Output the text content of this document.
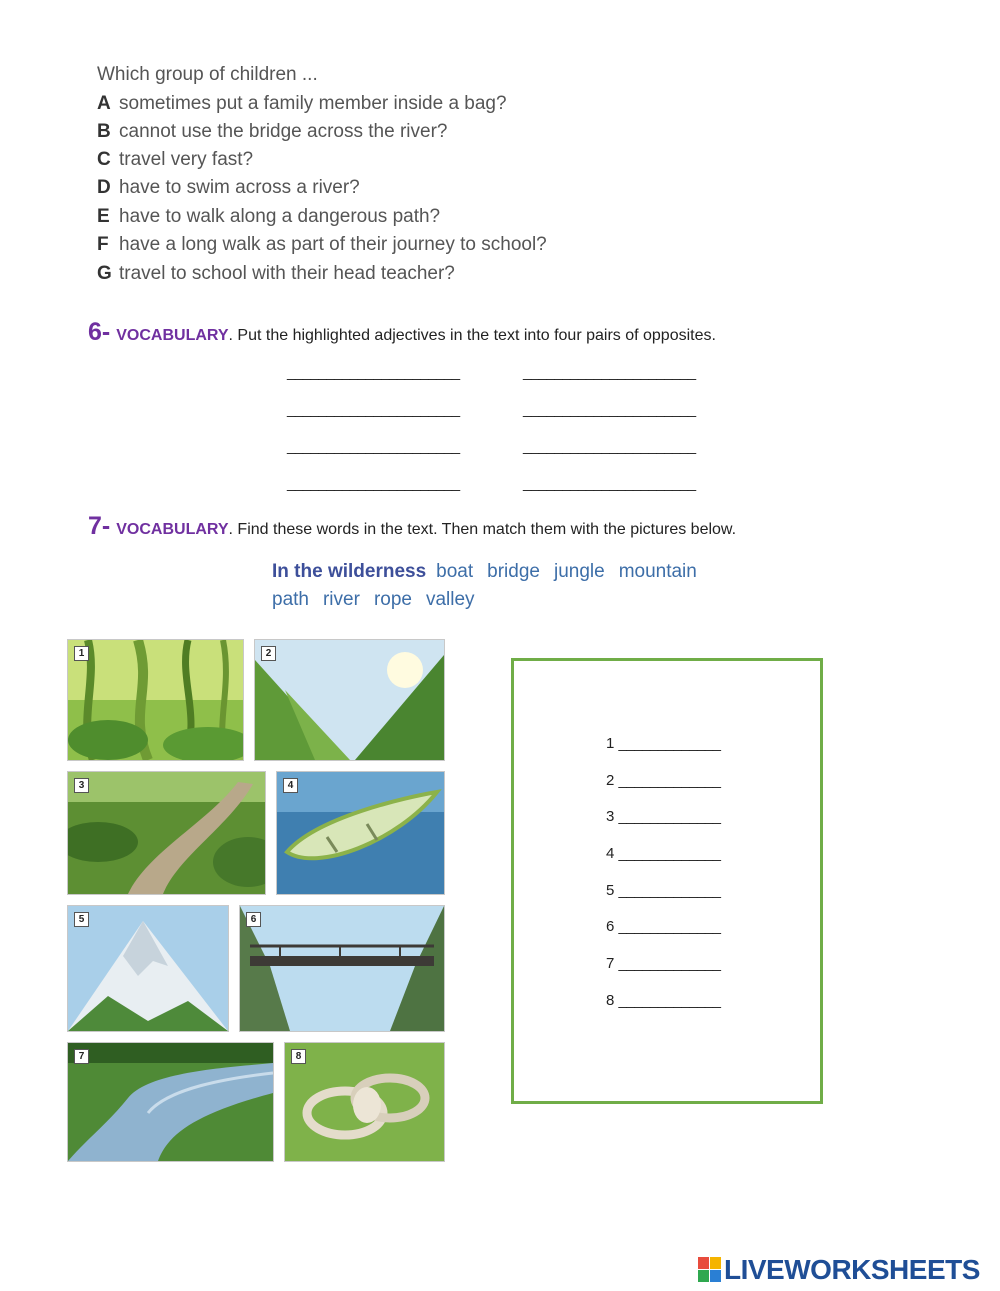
Which group of children ...
A sometimes put a family member inside a bag?
B cannot use the bridge across the river?
C travel very fast?
D have to swim across a river?
E have to walk along a dangerous path?
F have a long walk as part of their journey to school?
G travel to school with their head teacher?
6- VOCABULARY. Put the highlighted adjectives in the text into four pairs of opposites.
______________________	______________________
______________________	______________________
______________________	______________________
______________________	______________________
7- VOCABULARY. Find these words in the text. Then match them with the pictures below.
In the wilderness boat bridge jungle mountain
path river rope valley
1	2
3	4
5	6
7	8
1 _____________
2 _____________
3 _____________
4 _____________
5 _____________
6 _____________
7 _____________
8 _____________
LIVEWORKSHEETS
